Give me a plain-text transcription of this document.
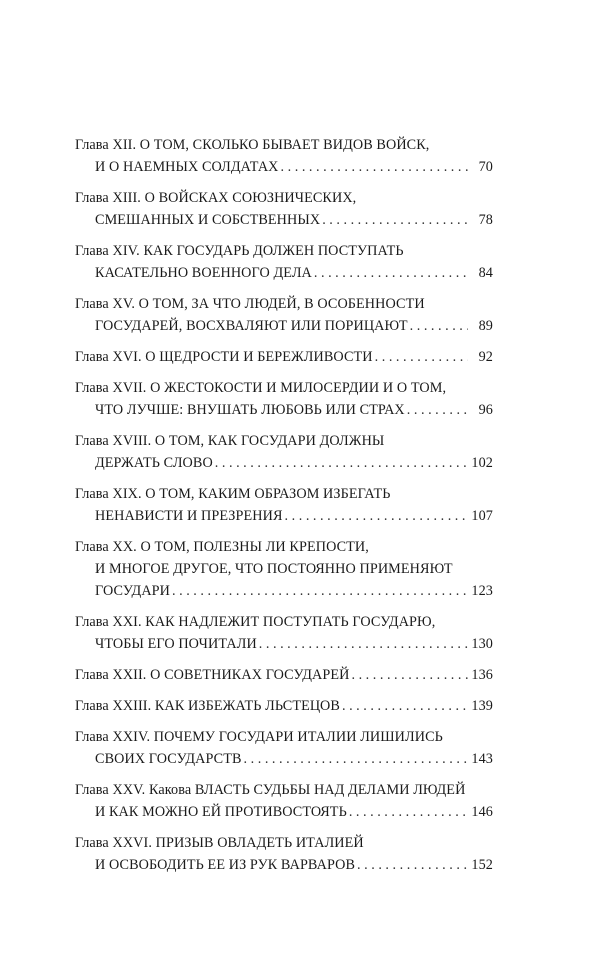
Глава XII. О ТОМ, СКОЛЬКО БЫВАЕТ ВИДОВ ВОЙСК,
И О НАЕМНЫХ СОЛДАТАХ . . .	70
Глава XIII. О ВОЙСКАХ СОЮЗНИЧЕСКИХ,
СМЕШАННЫХ И СОБСТВЕННЫХ . . .	78
Глава XIV. КАК ГОСУДАРЬ ДОЛЖЕН ПОСТУПАТЬ
КАСАТЕЛЬНО ВОЕННОГО ДЕЛА . . .	84
Глава XV. О ТОМ, ЗА ЧТО ЛЮДЕЙ, В ОСОБЕННОСТИ
ГОСУДАРЕЙ, ВОСХВАЛЯЮТ ИЛИ ПОРИЦАЮТ . . .	89
Глава XVI. О ЩЕДРОСТИ И БЕРЕЖЛИВОСТИ . . .	92
Глава XVII. О ЖЕСТОКОСТИ И МИЛОСЕРДИИ И О ТОМ,
ЧТО ЛУЧШЕ: ВНУШАТЬ ЛЮБОВЬ ИЛИ СТРАХ . . .	96
Глава XVIII. О ТОМ, КАК ГОСУДАРИ ДОЛЖНЫ
ДЕРЖАТЬ СЛОВО . . .	102
Глава XIX. О ТОМ, КАКИМ ОБРАЗОМ ИЗБЕГАТЬ
НЕНАВИСТИ И ПРЕЗРЕНИЯ . . .	107
Глава XX. О ТОМ, ПОЛЕЗНЫ ЛИ КРЕПОСТИ,
И МНОГОЕ ДРУГОЕ, ЧТО ПОСТОЯННО ПРИМЕНЯЮТ
ГОСУДАРИ . . .	123
Глава XXI. КАК НАДЛЕЖИТ ПОСТУПАТЬ ГОСУДАРЮ,
ЧТОБЫ ЕГО ПОЧИТАЛИ . . .	130
Глава XXII. О СОВЕТНИКАХ ГОСУДАРЕЙ . . .	136
Глава XXIII. КАК ИЗБЕЖАТЬ ЛЬСТЕЦОВ . . .	139
Глава XXIV. ПОЧЕМУ ГОСУДАРИ ИТАЛИИ ЛИШИЛИСЬ
СВОИХ ГОСУДАРСТВ . . .	143
Глава XXV. Какова ВЛАСТЬ СУДЬБЫ НАД ДЕЛАМИ ЛЮДЕЙ
И КАК МОЖНО ЕЙ ПРОТИВОСТОЯТЬ . . .	146
Глава XXVI. ПРИЗЫВ ОВЛАДЕТЬ ИТАЛИЕЙ
И ОСВОБОДИТЬ ЕЕ ИЗ РУК ВАРВАРОВ . . .	152
